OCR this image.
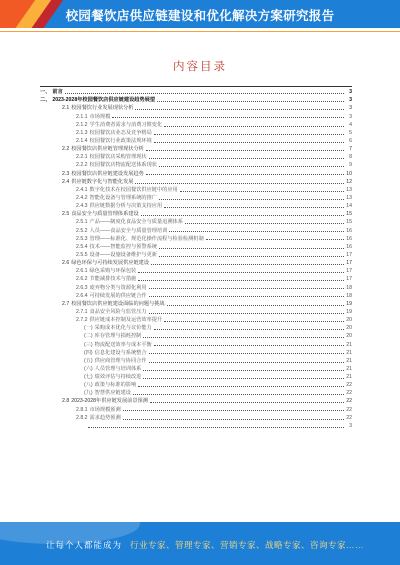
校园餐饮店供应链建设和优化解决方案研究报告
内容目录
一、 前言	3
二、 2023-2028年校园餐饮店供应链建设趋势展望	3
2.1 校园餐饮行业发展现状分析	3
2.1.1 市场规模	3
2.1.2 学生消费者需求与消费习惯变化	4
2.1.3 校园餐饮店业态及竞争格局	5
2.1.4 校园餐饮行业政策法规环境	6
2.2 校园餐饮店供应链管理现状分析	7
2.2.1 校园餐饮店采购管理现状	8
2.2.2 校园餐饮店物流配送体系现状	9
2.3 校园餐饮店供应链建设发展趋势	10
2.4 供应链数字化与智能化发展	12
2.4.1 数字化技术在校园餐饮供应链中的应用	13
2.4.2 智能化设备与管理系统的推广	13
2.4.3 供应链数据分析与决策支持应用	14
2.5 食品安全与质量管理体系建设	15
2.5.1 产品——制度化食品安全与质量追溯体系	15
2.5.2 人员——食品安全与质量管理培训	16
2.5.3 管理——标准化、规范化操作流程与检验检测机制	16
2.5.4 技术——智能监控与预警系统	16
2.5.5 设备——设施设备维护与更新	17
2.6 绿色环保与可持续发展供应链建设	17
2.6.1 绿色采购与环保包装	17
2.6.2 节能减排技术与措施	17
2.6.3 废弃物分类与资源化利用	18
2.6.4 可持续发展的供应链合作	18
2.7 校园餐饮店供应链建设面临的问题与挑战	19
2.7.1 食品安全风险与监管压力	19
2.7.2 供应链成本控制及运营效率提升	20
(一) 采购成本优化与议价能力	20
(二) 库存管理与损耗控制	20
(三) 物流配送效率与成本平衡	21
(四) 信息化建设与系统整合	21
(五) 供应商管理与协同合作	21
(六) 人员管理与培训体系	21
(七) 绩效评估与持续改进	21
(八) 政策与标准的影响	22
(九) 智慧供应链建设	22
2.8 2023-2028年供应链发展前景预测	22
2.8.1 市场规模预测	22
2.8.2 需求趋势预测	22
3
让每个人都能成为 行业专家、管理专家、营销专家、战略专家、咨询专家……
